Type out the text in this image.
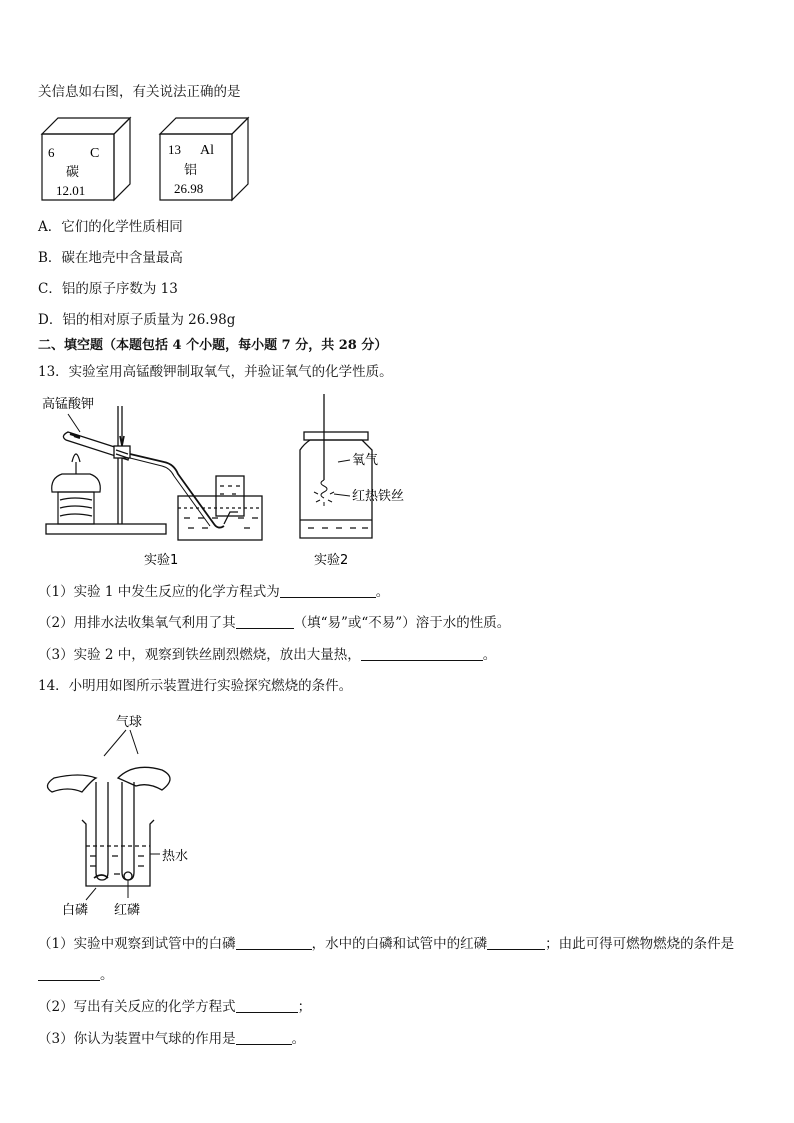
关信息如右图，有关说法正确的是
6	C
碳
12.01
13 Al
铝
26.98
A．它们的化学性质相同
B．碳在地壳中含量最高
C．铝的原子序数为 13
D．铝的相对原子质量为 26.98g
二、填空题（本题包括 4 个小题，每小题 7 分，共 28 分）
13．实验室用高锰酸钾制取氧气，并验证氧气的化学性质。
高锰酸钾
氧气
红热铁丝
实验1	实验2
（1）实验 1 中发生反应的化学方程式为	。
（2）用排水法收集氧气利用了其	（填“易”或“不易”）溶于水的性质。
（3）实验 2 中，观察到铁丝剧烈燃烧，放出大量热，	。
14．小明用如图所示装置进行实验探究燃烧的条件。
气球
热水
白磷 红磷
（1）实验中观察到试管中的白磷	，水中的白磷和试管中的红磷	；由此可得可燃物燃烧的条件是
。
（2）写出有关反应的化学方程式	；
（3）你认为装置中气球的作用是	。
